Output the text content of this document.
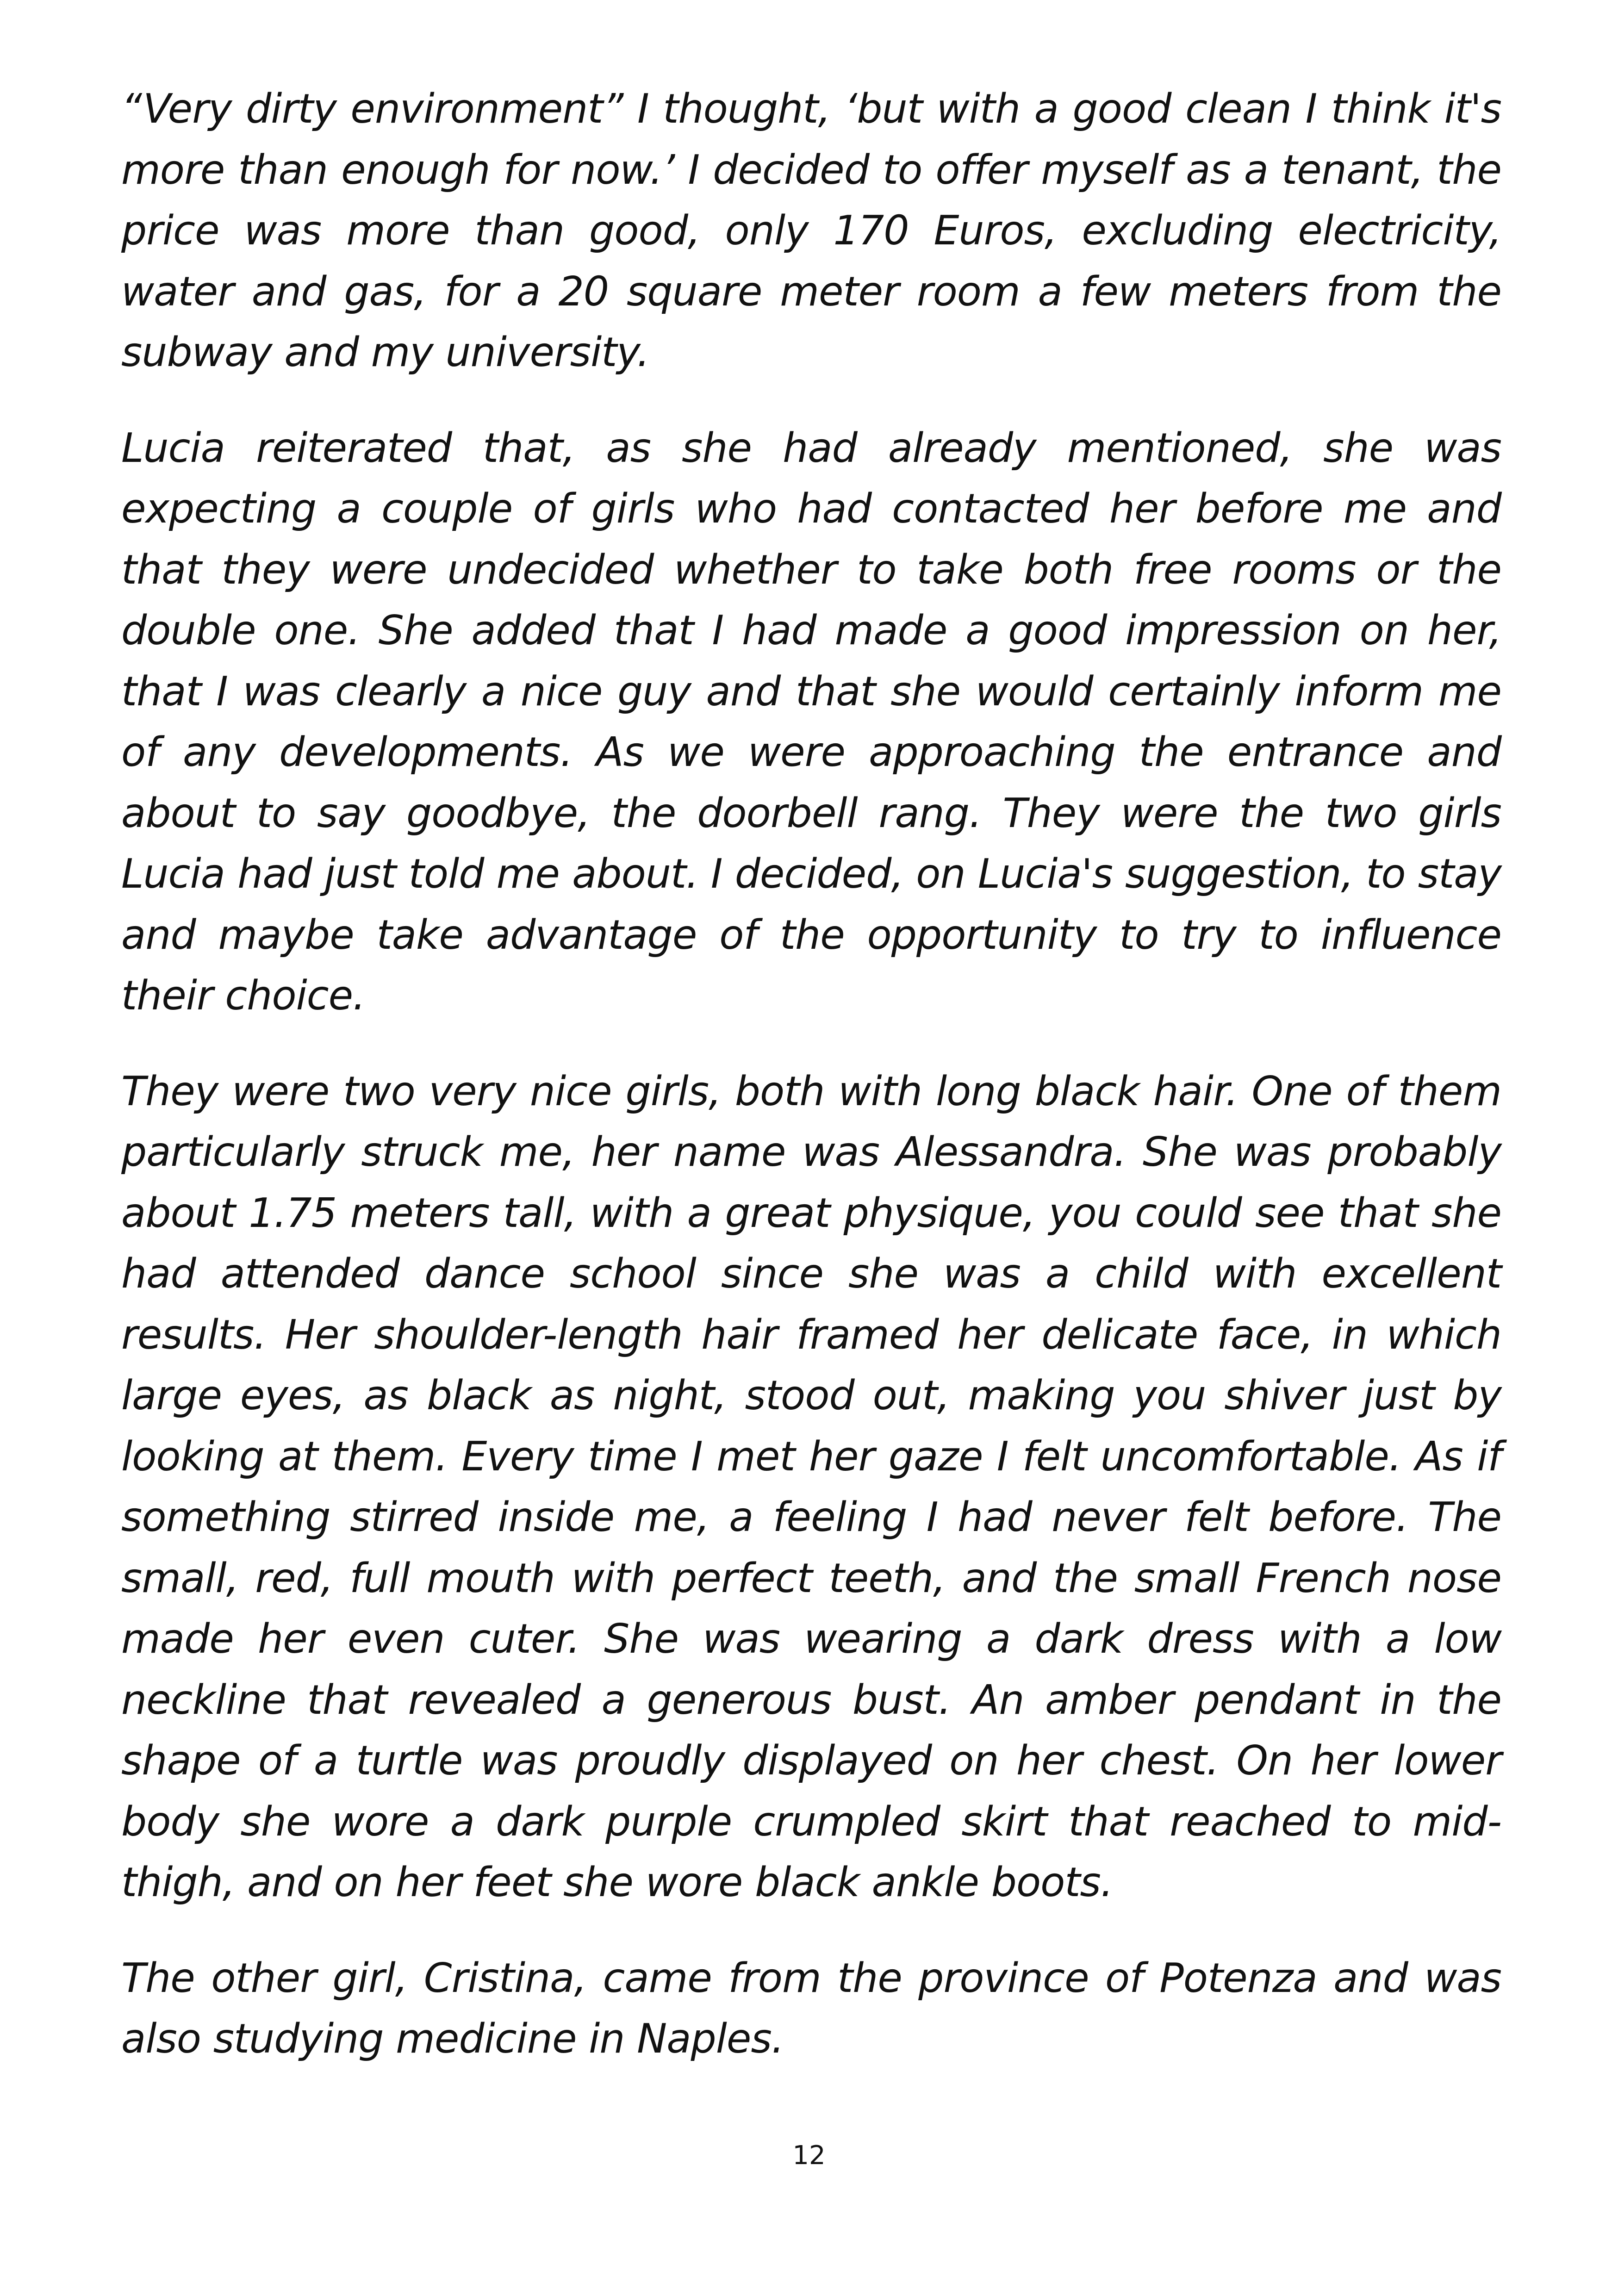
“Very dirty environment” I thought, ‘but with a good clean I think it's more than enough for now.’ I decided to offer myself as a tenant, the price was more than good, only 170 Euros, excluding electricity, water and gas, for a 20 square meter room a few meters from the subway and my university.

Lucia reiterated that, as she had already mentioned, she was expecting a couple of girls who had contacted her before me and that they were undecided whether to take both free rooms or the double one. She added that I had made a good impression on her, that I was clearly a nice guy and that she would certainly inform me of any developments. As we were approaching the entrance and about to say goodbye, the doorbell rang. They were the two girls Lucia had just told me about. I decided, on Lucia's suggestion, to stay and maybe take advantage of the opportunity to try to influence their choice.

They were two very nice girls, both with long black hair. One of them particularly struck me, her name was Alessandra. She was probably about 1.75 meters tall, with a great physique, you could see that she had attended dance school since she was a child with excellent results. Her shoulder-length hair framed her delicate face, in which large eyes, as black as night, stood out, making you shiver just by looking at them. Every time I met her gaze I felt uncomfortable. As if something stirred inside me, a feeling I had never felt before. The small, red, full mouth with perfect teeth, and the small French nose made her even cuter. She was wearing a dark dress with a low neckline that revealed a generous bust. An amber pendant in the shape of a turtle was proudly displayed on her chest. On her lower body she wore a dark purple crumpled skirt that reached to mid-thigh, and on her feet she wore black ankle boots.

The other girl, Cristina, came from the province of Potenza and was also studying medicine in Naples.

12
